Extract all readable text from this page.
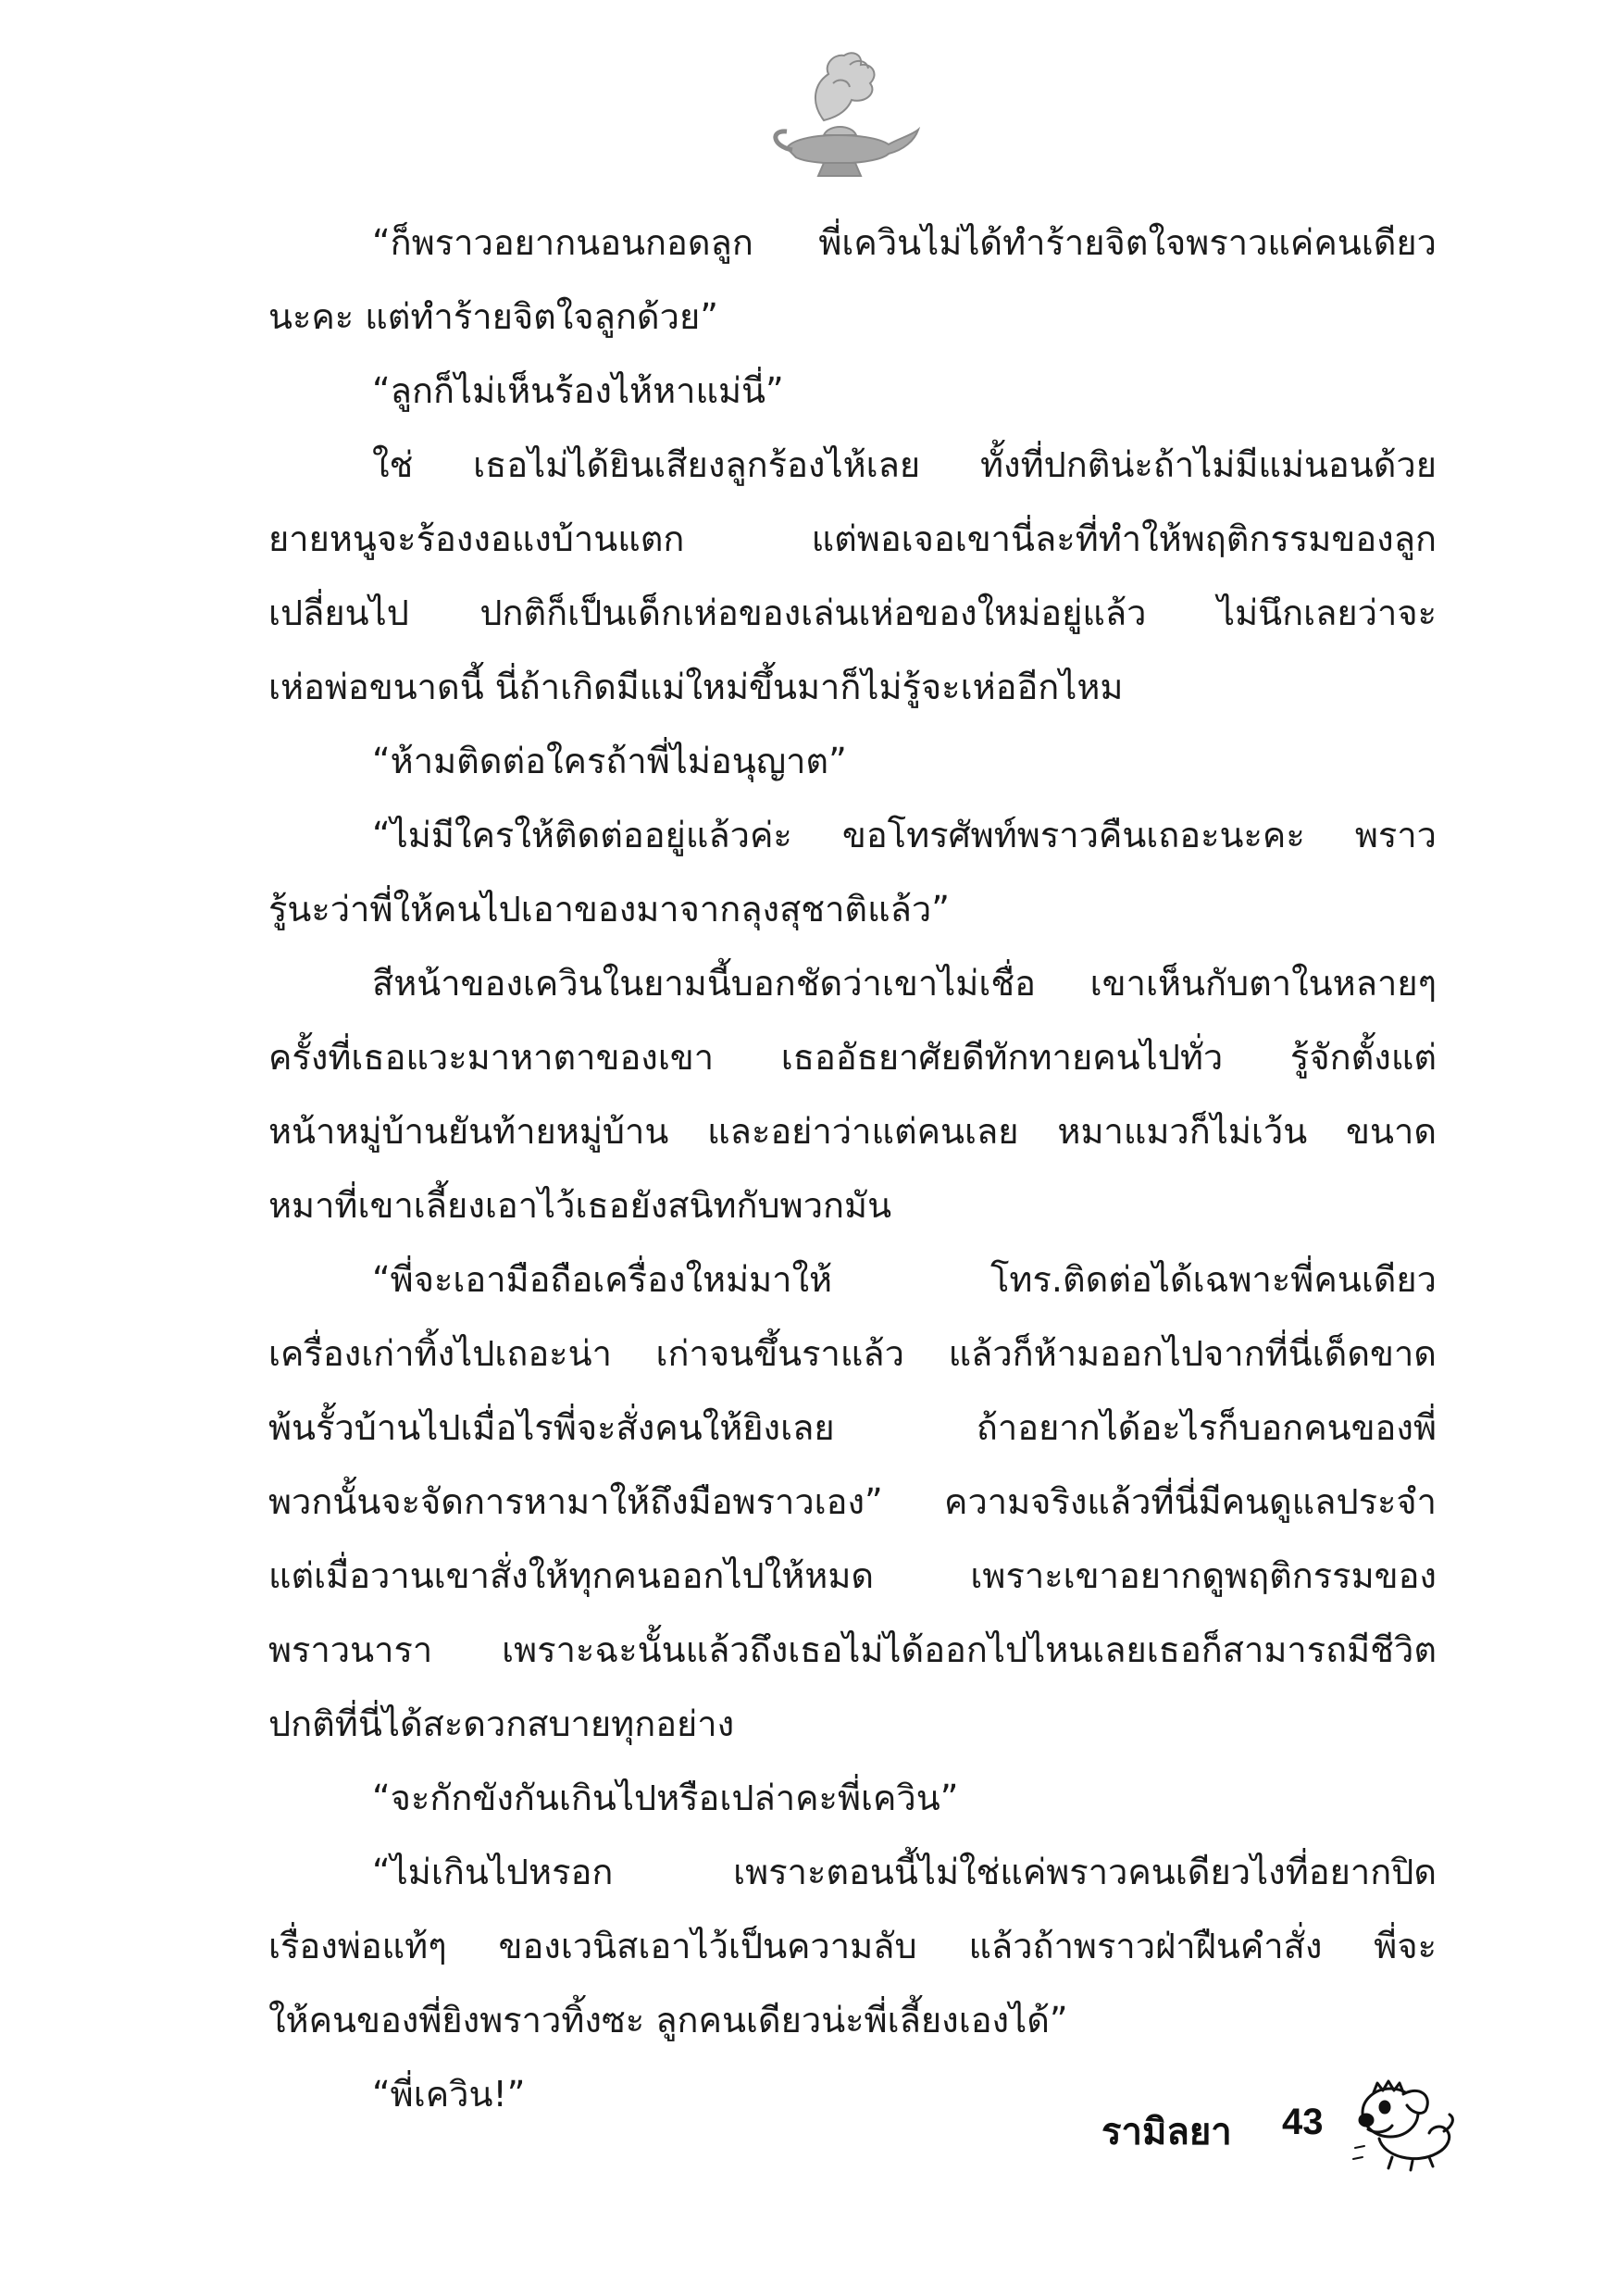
“ก็พราวอยากนอนกอดลูก พี่เควินไม่ได้ทำร้ายจิตใจพราวแค่คนเดียว
นะคะ แต่ทำร้ายจิตใจลูกด้วย”
“ลูกก็ไม่เห็นร้องไห้หาแม่นี่”
ใช่ เธอไม่ได้ยินเสียงลูกร้องไห้เลย ทั้งที่ปกติน่ะถ้าไม่มีแม่นอนด้วย
ยายหนูจะร้องงอแงบ้านแตก แต่พอเจอเขานี่ละที่ทำให้พฤติกรรมของลูก
เปลี่ยนไป ปกติก็เป็นเด็กเห่อของเล่นเห่อของใหม่อยู่แล้ว ไม่นึกเลยว่าจะ
เห่อพ่อขนาดนี้ นี่ถ้าเกิดมีแม่ใหม่ขึ้นมาก็ไม่รู้จะเห่ออีกไหม
“ห้ามติดต่อใครถ้าพี่ไม่อนุญาต”
“ไม่มีใครให้ติดต่ออยู่แล้วค่ะ ขอโทรศัพท์พราวคืนเถอะนะคะ พราว
รู้นะว่าพี่ให้คนไปเอาของมาจากลุงสุชาติแล้ว”
สีหน้าของเควินในยามนี้บอกชัดว่าเขาไม่เชื่อ เขาเห็นกับตาในหลายๆ
ครั้งที่เธอแวะมาหาตาของเขา เธออัธยาศัยดีทักทายคนไปทั่ว รู้จักตั้งแต่
หน้าหมู่บ้านยันท้ายหมู่บ้าน และอย่าว่าแต่คนเลย หมาแมวก็ไม่เว้น ขนาด
หมาที่เขาเลี้ยงเอาไว้เธอยังสนิทกับพวกมัน
“พี่จะเอามือถือเครื่องใหม่มาให้ โทร.ติดต่อได้เฉพาะพี่คนเดียว
เครื่องเก่าทิ้งไปเถอะน่า เก่าจนขึ้นราแล้ว แล้วก็ห้ามออกไปจากที่นี่เด็ดขาด
พ้นรั้วบ้านไปเมื่อไรพี่จะสั่งคนให้ยิงเลย ถ้าอยากได้อะไรก็บอกคนของพี่
พวกนั้นจะจัดการหามาให้ถึงมือพราวเอง” ความจริงแล้วที่นี่มีคนดูแลประจำ
แต่เมื่อวานเขาสั่งให้ทุกคนออกไปให้หมด เพราะเขาอยากดูพฤติกรรมของ
พราวนารา เพราะฉะนั้นแล้วถึงเธอไม่ได้ออกไปไหนเลยเธอก็สามารถมีชีวิต
ปกติที่นี่ได้สะดวกสบายทุกอย่าง
“จะกักขังกันเกินไปหรือเปล่าคะพี่เควิน”
“ไม่เกินไปหรอก เพราะตอนนี้ไม่ใช่แค่พราวคนเดียวไงที่อยากปิด
เรื่องพ่อแท้ๆ ของเวนิสเอาไว้เป็นความลับ แล้วถ้าพราวฝ่าฝืนคำสั่ง พี่จะ
ให้คนของพี่ยิงพราวทิ้งซะ ลูกคนเดียวน่ะพี่เลี้ยงเองได้”
“พี่เควิน!”
รามิลยา 43
